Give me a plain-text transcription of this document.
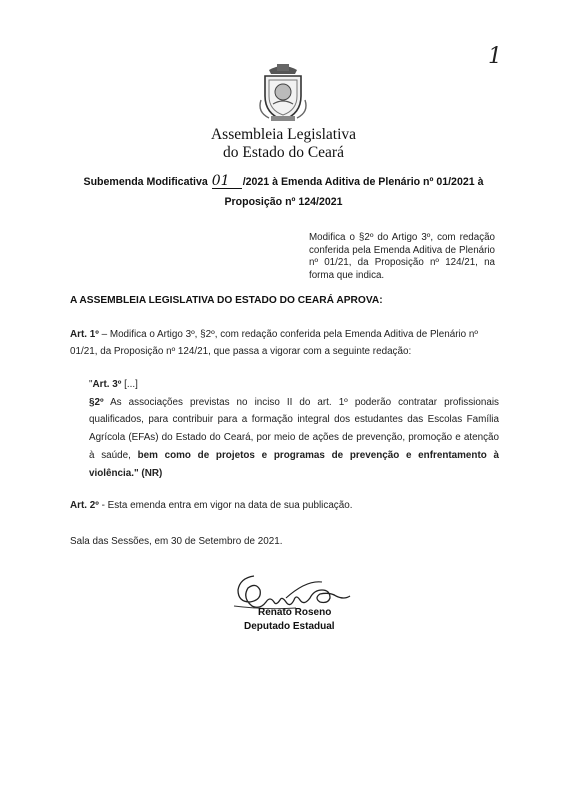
1
Assembleia Legislativa
do Estado do Ceará
Subemenda Modificativa 01 /2021 à Emenda Aditiva de Plenário nº 01/2021 à
Proposição nº 124/2021
Modifica o §2º do Artigo 3º, com redação conferida pela Emenda Aditiva de Plenário nº 01/21, da Proposição nº 124/21, na forma que indica.
A ASSEMBLEIA LEGISLATIVA DO ESTADO DO CEARÁ APROVA:
Art. 1º – Modifica o Artigo 3º, §2º, com redação conferida pela Emenda Aditiva de Plenário nº 01/21, da Proposição nº 124/21, que passa a vigorar com a seguinte redação:
"Art. 3º [...]
§2º As associações previstas no inciso II do art. 1º poderão contratar profissionais qualificados, para contribuir para a formação integral dos estudantes das Escolas Família Agrícola (EFAs) do Estado do Ceará, por meio de ações de prevenção, promoção e atenção à saúde, bem como de projetos e programas de prevenção e enfrentamento à violência." (NR)
Art. 2º - Esta emenda entra em vigor na data de sua publicação.
Sala das Sessões, em 30 de Setembro de 2021.
Renato Roseno
Deputado Estadual
